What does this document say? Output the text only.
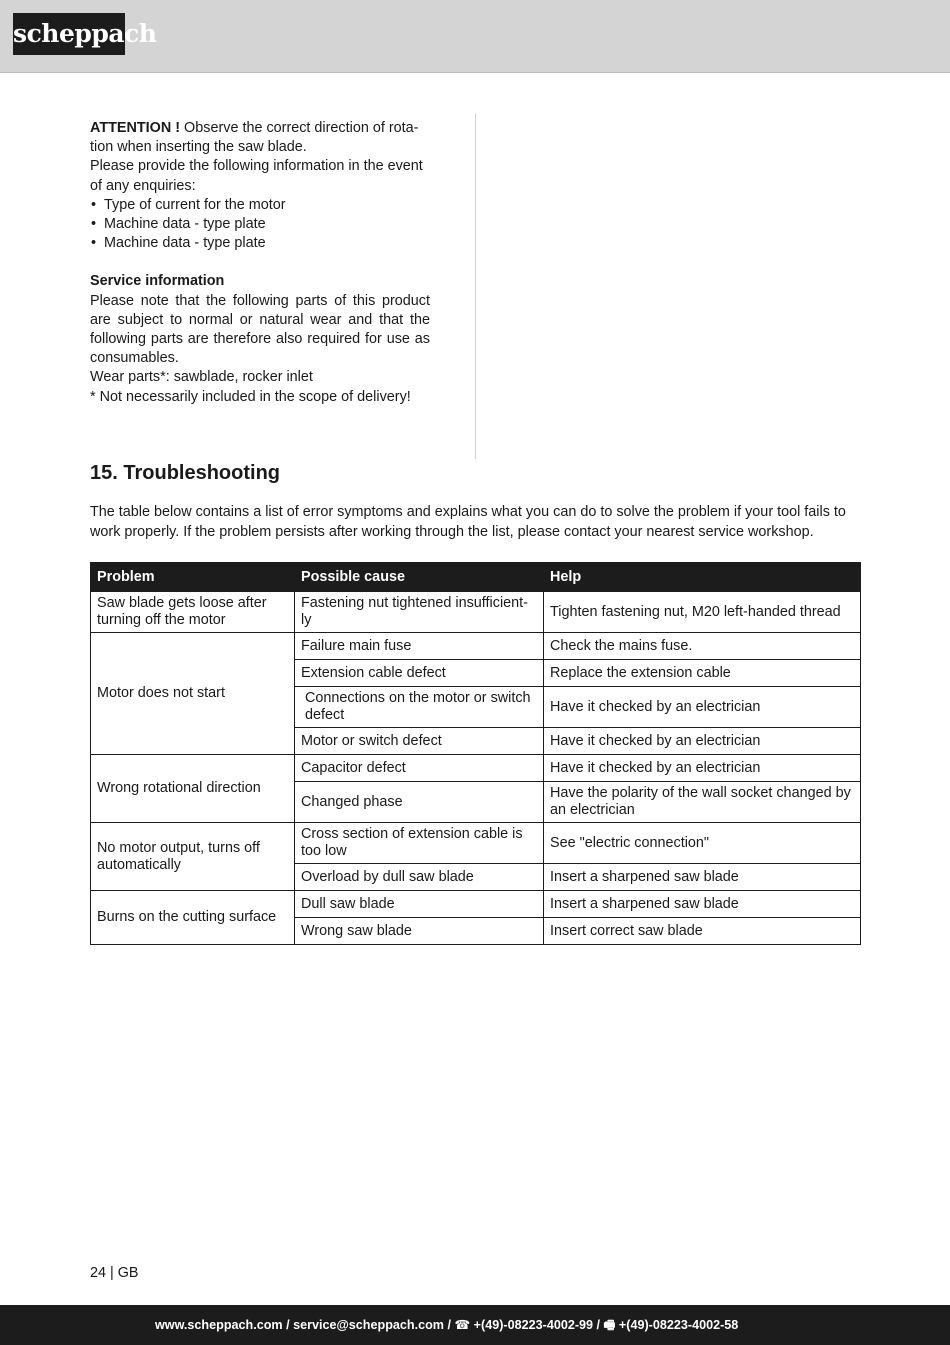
scheppach

ATTENTION ! Observe the correct direction of rota-tion when inserting the saw blade.

Please provide the following information in the event of any enquiries:

• Type of current for the motor
• Machine data - type plate
• Machine data - type plate

Service information

Please note that the following parts of this product are subject to normal or natural wear and that the following parts are therefore also required for use as consumables.

Wear parts*: sawblade, rocker inlet

* Not necessarily included in the scope of delivery!

15. Troubleshooting

The table below contains a list of error symptoms and explains what you can do to solve the problem if your tool fails to work properly. If the problem persists after working through the list, please contact your nearest service workshop.

Problem	Possible cause	Help
Saw blade gets loose after turning off the motor	Fastening nut tightened insufficient-ly	Tighten fastening nut, M20 left-handed thread
Motor does not start	Failure main fuse	Check the mains fuse.
	Extension cable defect	Replace the extension cable
	Connections on the motor or switch defect	Have it checked by an electrician
	Motor or switch defect	Have it checked by an electrician
Wrong rotational direction	Capacitor defect	Have it checked by an electrician
	Changed phase	Have the polarity of the wall socket changed by an electrician
No motor output, turns off automatically	Cross section of extension cable is too low	See "electric connection"
	Overload by dull saw blade	Insert a sharpened saw blade
Burns on the cutting surface	Dull saw blade	Insert a sharpened saw blade
	Wrong saw blade	Insert correct saw blade
24 | GB
www.scheppach.com / service@scheppach.com / ☎ +(49)-08223-4002-99 / 🖷 +(49)-08223-4002-58
